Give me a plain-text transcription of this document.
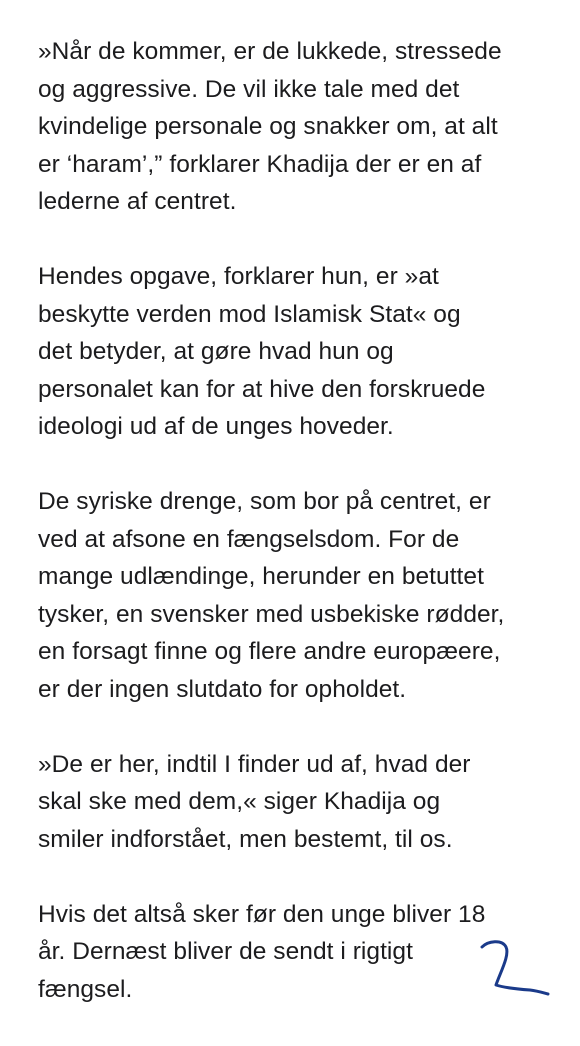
»Når de kommer, er de lukkede, stressede
og aggressive. De vil ikke tale med det
kvindelige personale og snakker om, at alt
er ‘haram’,” forklarer Khadija der er en af
lederne af centret.
Hendes opgave, forklarer hun, er »at
beskytte verden mod Islamisk Stat« og
det betyder, at gøre hvad hun og
personalet kan for at hive den forskruede
ideologi ud af de unges hoveder.
De syriske drenge, som bor på centret, er
ved at afsone en fængselsdom. For de
mange udlændinge, herunder en betuttet
tysker, en svensker med usbekiske rødder,
en forsagt finne og flere andre europæere,
er der ingen slutdato for opholdet.
»De er her, indtil I finder ud af, hvad der
skal ske med dem,« siger Khadija og
smiler indforstået, men bestemt, til os.
Hvis det altså sker før den unge bliver 18
år. Dernæst bliver de sendt i rigtigt
fængsel.
